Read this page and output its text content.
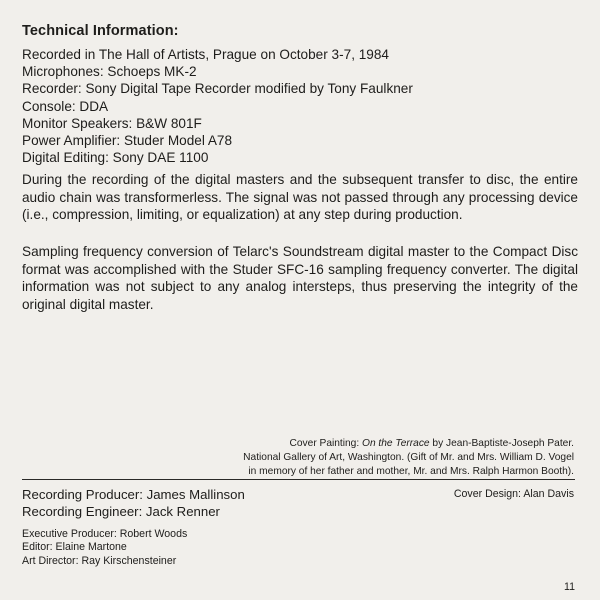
Technical Information:
Recorded in The Hall of Artists, Prague on October 3-7, 1984
Microphones: Schoeps MK-2
Recorder: Sony Digital Tape Recorder modified by Tony Faulkner
Console: DDA
Monitor Speakers: B&W 801F
Power Amplifier: Studer Model A78
Digital Editing: Sony DAE 1100

During the recording of the digital masters and the subsequent transfer to disc, the entire audio chain was transformerless. The signal was not passed through any processing device (i.e., compression, limiting, or equalization) at any step during production.

Sampling frequency conversion of Telarc's Soundstream digital master to the Compact Disc format was accomplished with the Studer SFC-16 sampling frequency converter. The digital information was not subject to any analog intersteps, thus preserving the integrity of the original digital master.

Cover Painting: On the Terrace by Jean-Baptiste-Joseph Pater.
National Gallery of Art, Washington. (Gift of Mr. and Mrs. William D. Vogel
in memory of her father and mother, Mr. and Mrs. Ralph Harmon Booth).
Recording Producer: James Mallinson
Recording Engineer: Jack Renner
Cover Design: Alan Davis
Executive Producer: Robert Woods
Editor: Elaine Martone
Art Director: Ray Kirschensteiner
11
